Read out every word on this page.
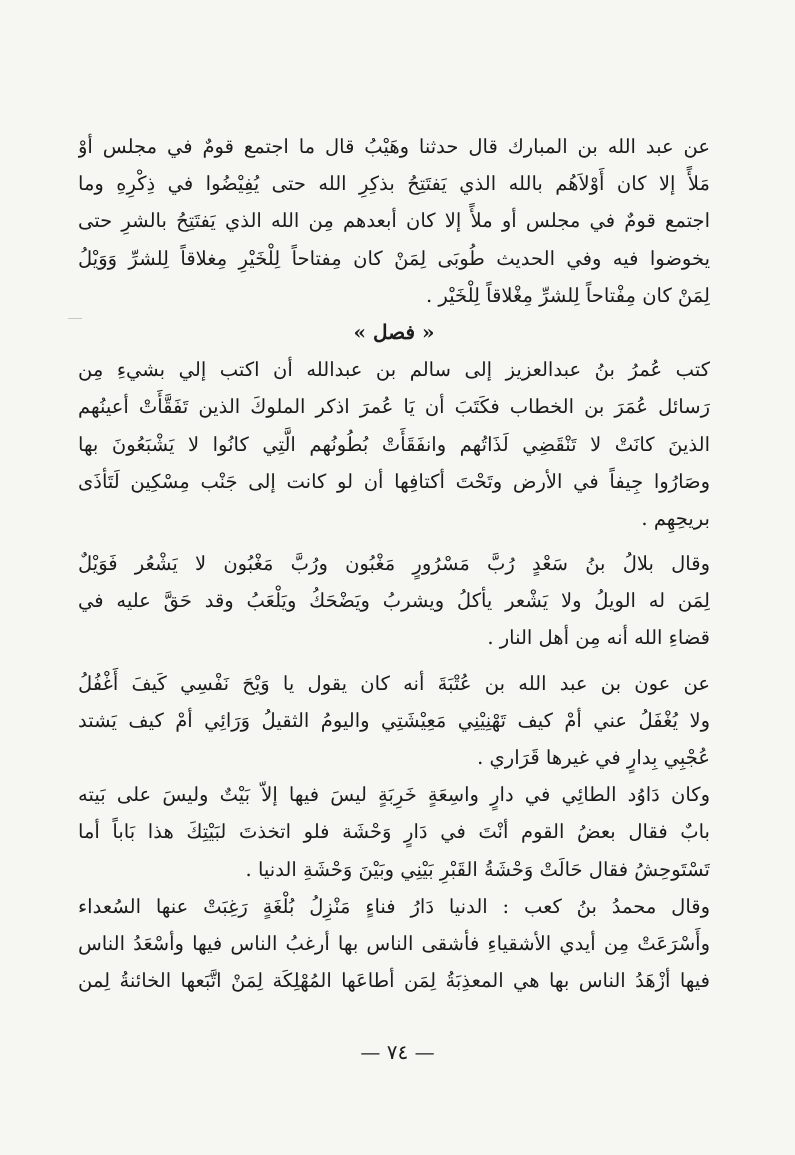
عن عبد الله بن المبارك قال حدثنا وهَيْبُ قال ما اجتمع قومٌ في مجلس أوْ
مَلأً إلا كان أَوْلاَهُم بالله الذي يَفتَتِحُ بذكِرِ الله حتى يُفِيْضُوا في ذِكْرِهِ وما
اجتمع قومٌ في مجلس أو ملأً إلا كان أبعدهم مِن الله الذي يَفتَتِحُ بالشرِ حتى
يخوضوا فيه وفي الحديث طُوبَى لِمَنْ كان مِفتاحاً لِلْخَيْرِ مِغلاقاً لِلشرِّ وَوَيْلُ
لِمَنْ كان مِفْتاحاً لِلشرِّ مِغْلاقاً لِلْخَيْر .
« فصل »
كتب عُمرُ بنُ عبدالعزيز إلى سالم بن عبدالله أن اكتب إلي بشيءِ مِن
رَسائل عُمَرَ بن الخطاب فكَتَبَ أن يَا عُمرَ اذكر الملوكَ الذين تَفَقَّأَتْ أعينُهم
الذينَ كانَتْ لا تَنْقَضِي لَذَاتُهم وانفَقَأَتْ بُطُونُهم الَّتِي كانُوا لا يَشْبَعُونَ بها
وصَارُوا جِيفاً في الأرض وتَحْتَ أكتافِها أن لو كانت إلى جَنْب مِسْكِين لَتَأذَى
بريحِهِم .
وقال بلالُ بنُ سَعْدٍ رُبَّ مَسْرُورٍ مَغْبُون ورُبَّ مَغْبُون لا يَشْعُر فَوَيْلٌ
لِمَن له الويلُ ولا يَشْعر يأكلُ ويشربُ ويَضْحَكُ ويَلْعَبُ وقد حَقَّ عليه في
قضاءِ الله أنه مِن أهل النار .
عن عون بن عبد الله بن عُتْبَةَ أنه كان يقول يا وَيْحَ نَفْسِي كَيفَ أَغْفُلُ
ولا يُغْفَلُ عني أمْ كيف تَهْنِيْنِي مَعِيْشَتِي واليومُ الثقيلُ وَرَائِي أمْ كيف يَشتد
عُجْبِي بِدارٍ في غيرها قَرَاري .
وكان دَاوُد الطائِي في دارٍ واسِعَةٍ خَرِبَةٍ ليسَ فيها إلاّ بَيْتٌ وليسَ على بَيته
بابٌ فقال بعضُ القوم أنْتَ في دَارٍ وَحْشَة فلو اتخذتَ لبَيْتِكَ هذا بَاباً أما
تَسْتَوحِشُ فقال حَالَتْ وَحْشَةُ القَبْرِ بَيْنِي وبَيْنَ وَحْشَةِ الدنيا .
وقال محمدُ بنُ كعب : الدنيا دَارُ فناءٍ مَنْزِلُ بُلْغَةٍ رَغِبَتْ عنها السُعداء
وأَسْرَعَتْ مِن أيدي الأشقياءِ فأشقى الناس بها أرغبُ الناس فيها وأسْعَدُ الناس
فيها أزْهَدُ الناس بها هي المعذِبَةُ لِمَن أطاعَها المُهْلِكَة لِمَنْ اتَّبَعها الخائنةُ لِمن
— ٧٤ —
